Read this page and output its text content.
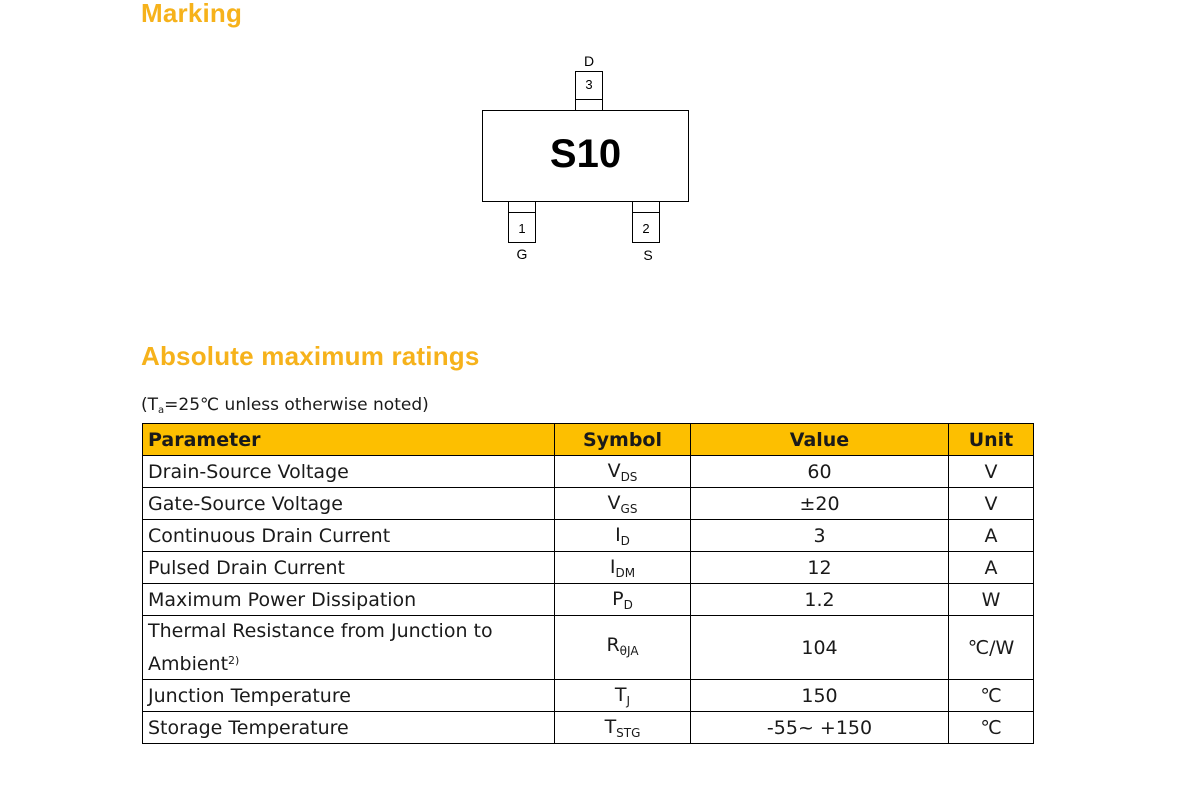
Marking
D
3
S10
1	2
G	S
Absolute maximum ratings
($T_a=25℃$ unless otherwise noted)
Parameter	Symbol	Value	Unit
Drain-Source Voltage	$V_{DS}$	60	V
Gate-Source Voltage	$V_{GS}$	±20	V
Continuous Drain Current	$I_D$	3	A
Pulsed Drain Current	$I_{DM}$	12	A
Maximum Power Dissipation	$P_D$	1.2	W
Thermal Resistance from Junction to
Ambient$^{2)}$	$R_{\theta JA}$	104	℃/W
Junction Temperature	$T_J$	150	℃
Storage Temperature	$T_{STG}$	-55~ +150	℃
